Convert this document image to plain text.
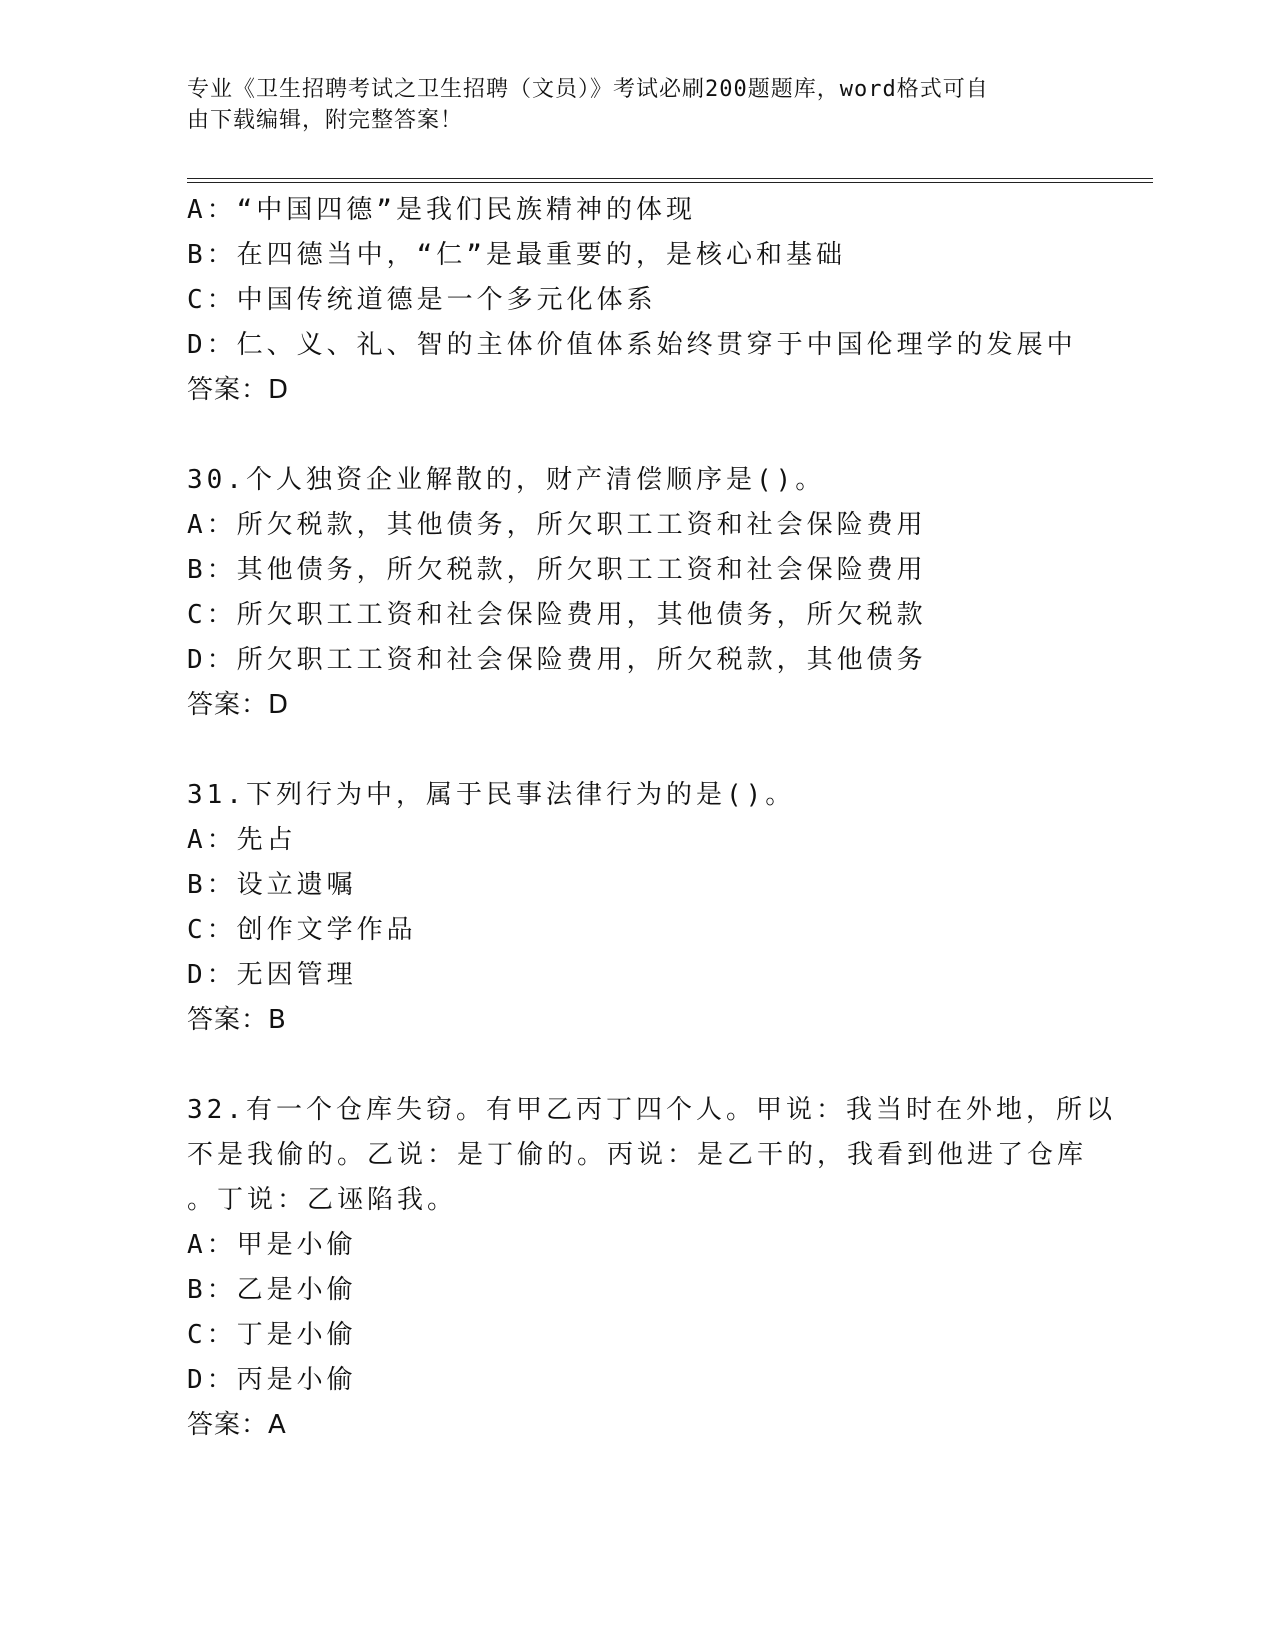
专业《卫生招聘考试之卫生招聘（文员）》考试必刷200题题库，word格式可自
由下载编辑，附完整答案！
A：“中国四德”是我们民族精神的体现
B：在四德当中，“仁”是最重要的，是核心和基础
C：中国传统道德是一个多元化体系
D：仁、义、礼、智的主体价值体系始终贯穿于中国伦理学的发展中
答案：D
30.个人独资企业解散的，财产清偿顺序是()。
A：所欠税款，其他债务，所欠职工工资和社会保险费用
B：其他债务，所欠税款，所欠职工工资和社会保险费用
C：所欠职工工资和社会保险费用，其他债务，所欠税款
D：所欠职工工资和社会保险费用，所欠税款，其他债务
答案：D
31.下列行为中，属于民事法律行为的是()。
A：先占
B：设立遗嘱
C：创作文学作品
D：无因管理
答案：B
32.有一个仓库失窃。有甲乙丙丁四个人。甲说：我当时在外地，所以
不是我偷的。乙说：是丁偷的。丙说：是乙干的，我看到他进了仓库
。丁说：乙诬陷我。
A：甲是小偷
B：乙是小偷
C：丁是小偷
D：丙是小偷
答案：A
